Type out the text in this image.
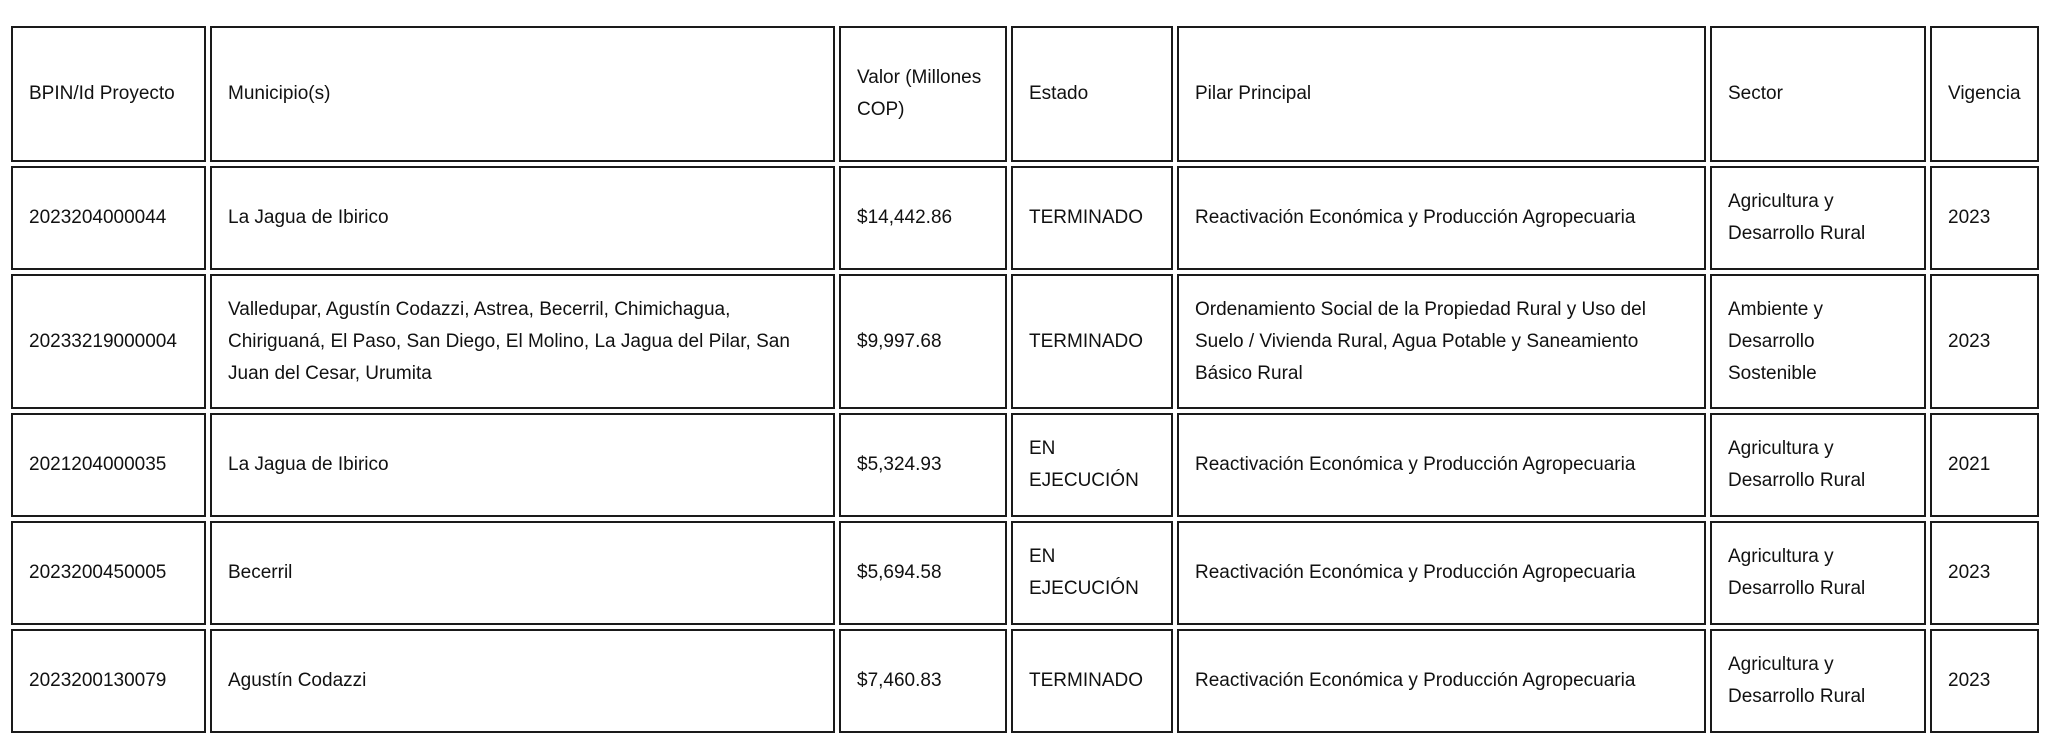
BPIN/Id Proyecto	Municipio(s)	Valor (Millones COP)	Estado	Pilar Principal	Sector	Vigencia
2023204000044	La Jagua de Ibirico	$14,442.86	TERMINADO	Reactivación Económica y Producción Agropecuaria	Agricultura y Desarrollo Rural	2023
20233219000004	Valledupar, Agustín Codazzi, Astrea, Becerril, Chimichagua, Chiriguaná, El Paso, San Diego, El Molino, La Jagua del Pilar, San Juan del Cesar, Urumita	$9,997.68	TERMINADO	Ordenamiento Social de la Propiedad Rural y Uso del Suelo / Vivienda Rural, Agua Potable y Saneamiento Básico Rural	Ambiente y Desarrollo Sostenible	2023
2021204000035	La Jagua de Ibirico	$5,324.93	EN EJECUCIÓN	Reactivación Económica y Producción Agropecuaria	Agricultura y Desarrollo Rural	2021
2023200450005	Becerril	$5,694.58	EN EJECUCIÓN	Reactivación Económica y Producción Agropecuaria	Agricultura y Desarrollo Rural	2023
2023200130079	Agustín Codazzi	$7,460.83	TERMINADO	Reactivación Económica y Producción Agropecuaria	Agricultura y Desarrollo Rural	2023
